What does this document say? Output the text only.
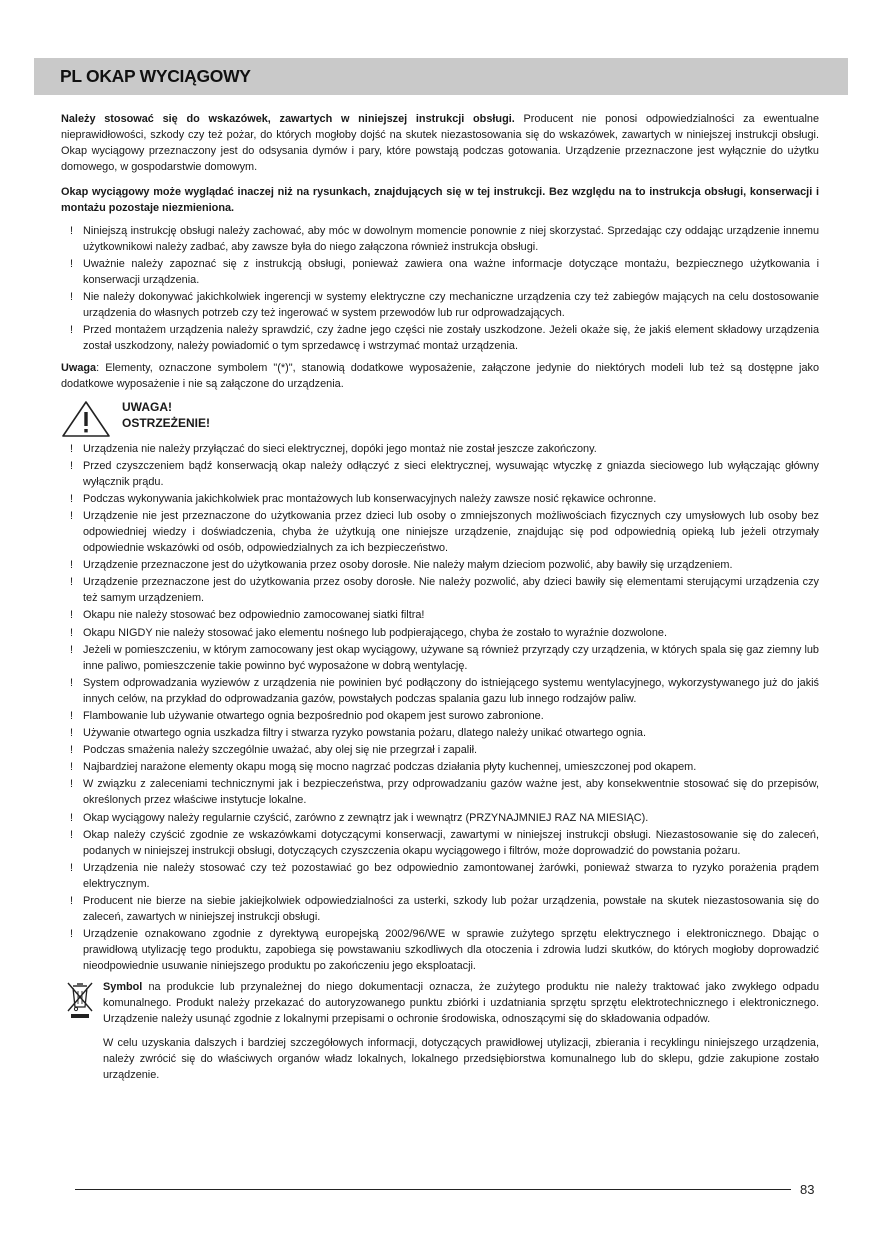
PL OKAP WYCIĄGOWY

Należy stosować się do wskazówek, zawartych w niniejszej instrukcji obsługi. Producent nie ponosi odpowiedzialności za ewentualne nieprawidłowości, szkody czy też pożar, do których mogłoby dojść na skutek niezastosowania się do wskazówek, zawartych w niniejszej instrukcji obsługi. Okap wyciągowy przeznaczony jest do odsysania dymów i pary, które powstają podczas gotowania. Urządzenie przeznaczone jest wyłącznie do użytku domowego, w gospodarstwie domowym.

Okap wyciągowy może wyglądać inaczej niż na rysunkach, znajdujących się w tej instrukcji. Bez względu na to instrukcja obsługi, konserwacji i montażu pozostaje niezmieniona.

! Niniejszą instrukcję obsługi należy zachować, aby móc w dowolnym momencie ponownie z niej skorzystać. Sprzedając czy oddając urządzenie innemu użytkownikowi należy zadbać, aby zawsze była do niego załączona również instrukcja obsługi.
! Uważnie należy zapoznać się z instrukcją obsługi, ponieważ zawiera ona ważne informacje dotyczące montażu, bezpiecznego użytkowania i konserwacji urządzenia.
! Nie należy dokonywać jakichkolwiek ingerencji w systemy elektryczne czy mechaniczne urządzenia czy też zabiegów mających na celu dostosowanie urządzenia do własnych potrzeb czy też ingerować w system przewodów lub rur odprowadzających.
! Przed montażem urządzenia należy sprawdzić, czy żadne jego części nie zostały uszkodzone. Jeżeli okaże się, że jakiś element składowy urządzenia został uszkodzony, należy powiadomić o tym sprzedawcę i wstrzymać montaż urządzenia.

Uwaga: Elementy, oznaczone symbolem "(*)", stanowią dodatkowe wyposażenie, załączone jedynie do niektórych modeli lub też są dostępne jako dodatkowe wyposażenie i nie są załączone do urządzenia.

UWAGA!
OSTRZEŻENIE!
! Urządzenia nie należy przyłączać do sieci elektrycznej, dopóki jego montaż nie został jeszcze zakończony.
! Przed czyszczeniem bądź konserwacją okap należy odłączyć z sieci elektrycznej, wysuwając wtyczkę z gniazda sieciowego lub wyłączając główny wyłącznik prądu.
! Podczas wykonywania jakichkolwiek prac montażowych lub konserwacyjnych należy zawsze nosić rękawice ochronne.
! Urządzenie nie jest przeznaczone do użytkowania przez dzieci lub osoby o zmniejszonych możliwościach fizycznych czy umysłowych lub osoby bez odpowiedniej wiedzy i doświadczenia, chyba że użytkują one niniejsze urządzenie, znajdując się pod odpowiednią opieką lub jeżeli otrzymały odpowiednie wskazówki od osób, odpowiedzialnych za ich bezpieczeństwo.
! Urządzenie przeznaczone jest do użytkowania przez osoby dorosłe. Nie należy małym dzieciom pozwolić, aby bawiły się urządzeniem.
! Urządzenie przeznaczone jest do użytkowania przez osoby dorosłe. Nie należy pozwolić, aby dzieci bawiły się elementami sterującymi urządzenia czy też samym urządzeniem.
! Okapu nie należy stosować bez odpowiednio zamocowanej siatki filtra!
! Okapu NIGDY nie należy stosować jako elementu nośnego lub podpierającego, chyba że zostało to wyraźnie dozwolone.
! Jeżeli w pomieszczeniu, w którym zamocowany jest okap wyciągowy, używane są również przyrządy czy urządzenia, w których spala się gaz ziemny lub inne paliwo, pomieszczenie takie powinno być wyposażone w dobrą wentylację.
! System odprowadzania wyziewów z urządzenia nie powinien być podłączony do istniejącego systemu wentylacyjnego, wykorzystywanego już do jakiś innych celów, na przykład do odprowadzania gazów, powstałych podczas spalania gazu lub innego rodzajów paliw.
! Flambowanie lub używanie otwartego ognia bezpośrednio pod okapem jest surowo zabronione.
! Używanie otwartego ognia uszkadza filtry i stwarza ryzyko powstania pożaru, dlatego należy unikać otwartego ognia.
! Podczas smażenia należy szczególnie uważać, aby olej się nie przegrzał i zapalił.
! Najbardziej narażone elementy okapu mogą się mocno nagrzać podczas działania płyty kuchennej, umieszczonej pod okapem.
! W związku z zaleceniami technicznymi jak i bezpieczeństwa, przy odprowadzaniu gazów ważne jest, aby konsekwentnie stosować się do przepisów, określonych przez właściwe instytucje lokalne.
! Okap wyciągowy należy regularnie czyścić, zarówno z zewnątrz jak i wewnątrz (PRZYNAJMNIEJ RAZ NA MIESIĄC).
! Okap należy czyścić zgodnie ze wskazówkami dotyczącymi konserwacji, zawartymi w niniejszej instrukcji obsługi. Niezastosowanie się do zaleceń, podanych w niniejszej instrukcji obsługi, dotyczących czyszczenia okapu wyciągowego i filtrów, może doprowadzić do powstania pożaru.
! Urządzenia nie należy stosować czy też pozostawiać go bez odpowiednio zamontowanej żarówki, ponieważ stwarza to ryzyko porażenia prądem elektrycznym.
! Producent nie bierze na siebie jakiejkolwiek odpowiedzialności za usterki, szkody lub pożar urządzenia, powstałe na skutek niezastosowania się do zaleceń, zawartych w niniejszej instrukcji obsługi.
! Urządzenie oznakowano zgodnie z dyrektywą europejską 2002/96/WE w sprawie zużytego sprzętu elektrycznego i elektronicznego. Dbając o prawidłową utylizację tego produktu, zapobiega się powstawaniu szkodliwych dla otoczenia i zdrowia ludzi skutków, do których mogłoby doprowadzić nieodpowiednie usuwanie niniejszego produktu po zakończeniu jego eksploatacji.

Symbol na produkcie lub przynależnej do niego dokumentacji oznacza, że zużytego produktu nie należy traktować jako zwykłego odpadu komunalnego. Produkt należy przekazać do autoryzowanego punktu zbiórki i uzdatniania sprzętu sprzętu elektrotechnicznego i elektronicznego. Urządzenie należy usunąć zgodnie z lokalnymi przepisami o ochronie środowiska, odnoszącymi się do składowania odpadów.

W celu uzyskania dalszych i bardziej szczegółowych informacji, dotyczących prawidłowej utylizacji, zbierania i recyklingu niniejszego urządzenia, należy zwrócić się do właściwych organów władz lokalnych, lokalnego przedsiębiorstwa komunalnego lub do sklepu, gdzie zakupione zostało urządzenie.

83
